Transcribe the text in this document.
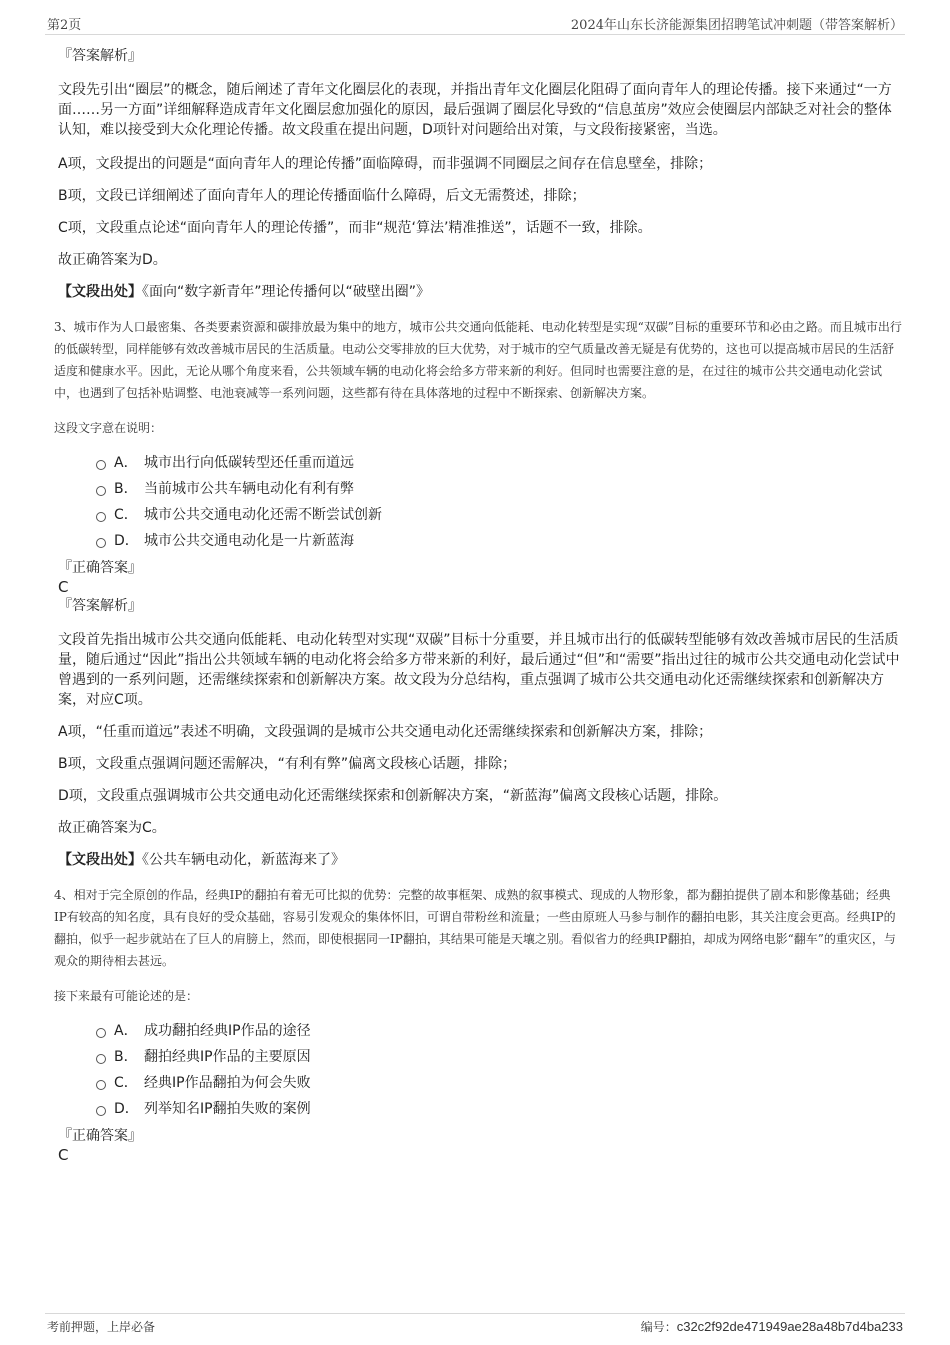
第2页	2024年山东长济能源集团招聘笔试冲刺题（带答案解析）
『答案解析』

文段先引出“圈层”的概念，随后阐述了青年文化圈层化的表现，并指出青年文化圈层化阻碍了面向青年人的理论传播。接下来通过“一方面……另一方面”详细解释造成青年文化圈层愈加强化的原因，最后强调了圈层化导致的“信息茧房”效应会使圈层内部缺乏对社会的整体认知，难以接受到大众化理论传播。故文段重在提出问题，D项针对问题给出对策，与文段衔接紧密，当选。

A项，文段提出的问题是“面向青年人的理论传播”面临障碍，而非强调不同圈层之间存在信息壁垒，排除；

B项，文段已详细阐述了面向青年人的理论传播面临什么障碍，后文无需赘述，排除；

C项，文段重点论述“面向青年人的理论传播”，而非“规范‘算法’精准推送”，话题不一致，排除。

故正确答案为D。

【文段出处】《面向“数字新青年”理论传播何以“破壁出圈”》

3、城市作为人口最密集、各类要素资源和碳排放最为集中的地方，城市公共交通向低能耗、电动化转型是实现“双碳”目标的重要环节和必由之路。而且城市出行的低碳转型，同样能够有效改善城市居民的生活质量。电动公交零排放的巨大优势，对于城市的空气质量改善无疑是有优势的，这也可以提高城市居民的生活舒适度和健康水平。因此，无论从哪个角度来看，公共领域车辆的电动化将会给多方带来新的利好。但同时也需要注意的是，在过往的城市公共交通电动化尝试中，也遇到了包括补贴调整、电池衰减等一系列问题，这些都有待在具体落地的过程中不断探索、创新解决方案。

这段文字意在说明：

A． 城市出行向低碳转型还任重而道远
B． 当前城市公共车辆电动化有利有弊
C． 城市公共交通电动化还需不断尝试创新
D． 城市公共交通电动化是一片新蓝海
『正确答案』
C
『答案解析』

文段首先指出城市公共交通向低能耗、电动化转型对实现“双碳”目标十分重要，并且城市出行的低碳转型能够有效改善城市居民的生活质量，随后通过“因此”指出公共领域车辆的电动化将会给多方带来新的利好，最后通过“但”和“需要”指出过往的城市公共交通电动化尝试中曾遇到的一系列问题，还需继续探索和创新解决方案。故文段为分总结构，重点强调了城市公共交通电动化还需继续探索和创新解决方案，对应C项。

A项，“任重而道远”表述不明确，文段强调的是城市公共交通电动化还需继续探索和创新解决方案，排除；

B项，文段重点强调问题还需解决，“有利有弊”偏离文段核心话题，排除；

D项，文段重点强调城市公共交通电动化还需继续探索和创新解决方案，“新蓝海”偏离文段核心话题，排除。

故正确答案为C。

【文段出处】《公共车辆电动化，新蓝海来了》

4、相对于完全原创的作品，经典IP的翻拍有着无可比拟的优势：完整的故事框架、成熟的叙事模式、现成的人物形象，都为翻拍提供了剧本和影像基础；经典IP有较高的知名度，具有良好的受众基础，容易引发观众的集体怀旧，可谓自带粉丝和流量；一些由原班人马参与制作的翻拍电影，其关注度会更高。经典IP的翻拍，似乎一起步就站在了巨人的肩膀上，然而，即使根据同一IP翻拍，其结果可能是天壤之别。看似省力的经典IP翻拍，却成为网络电影“翻车”的重灾区，与观众的期待相去甚远。

接下来最有可能论述的是：

A． 成功翻拍经典IP作品的途径
B． 翻拍经典IP作品的主要原因
C． 经典IP作品翻拍为何会失败
D． 列举知名IP翻拍失败的案例
『正确答案』
C
考前押题，上岸必备	编号：c32c2f92de471949ae28a48b7d4ba233
